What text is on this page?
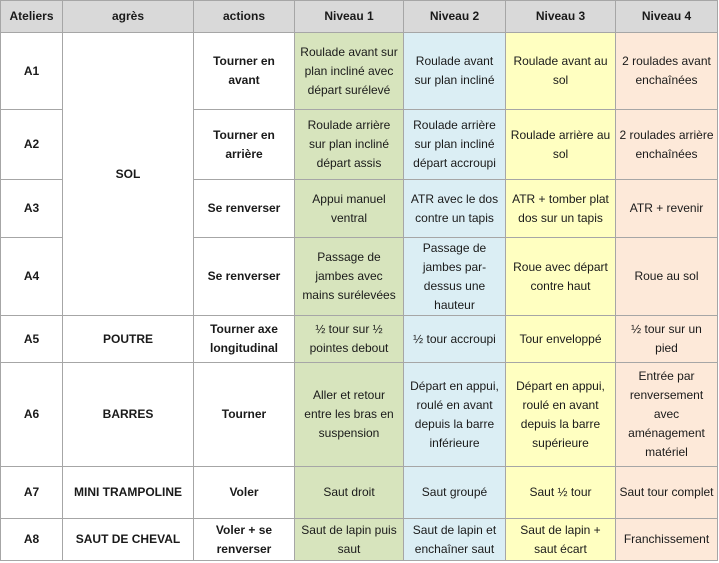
Ateliers	agrès	actions	Niveau 1	Niveau 2	Niveau 3	Niveau 4
A1	SOL	Tourner en avant	Roulade avant sur plan incliné avec départ surélevé	Roulade avant sur plan incliné	Roulade avant au sol	2 roulades avant enchaînées
A2		Tourner en arrière	Roulade arrière sur plan incliné départ assis	Roulade arrière sur plan incliné départ accroupi	Roulade arrière au sol	2 roulades arrière enchaînées
A3		Se renverser	Appui manuel ventral	ATR avec le dos contre un tapis	ATR + tomber plat dos sur un tapis	ATR + revenir
A4		Se renverser	Passage de jambes avec mains surélevées	Passage de jambes par-dessus une hauteur	Roue avec départ contre haut	Roue au sol
A5	POUTRE	Tourner axe longitudinal	½ tour sur ½ pointes debout	½ tour accroupi	Tour enveloppé	½ tour sur un pied
A6	BARRES	Tourner	Aller et retour entre les bras en suspension	Départ en appui, roulé en avant depuis la barre inférieure	Départ en appui, roulé en avant depuis la barre supérieure	Entrée par renversement avec aménagement matériel
A7	MINI TRAMPOLINE	Voler	Saut droit	Saut groupé	Saut ½ tour	Saut tour complet
A8	SAUT DE CHEVAL	Voler + se renverser	Saut de lapin puis saut	Saut de lapin et enchaîner saut	Saut de lapin + saut écart	Franchissement
